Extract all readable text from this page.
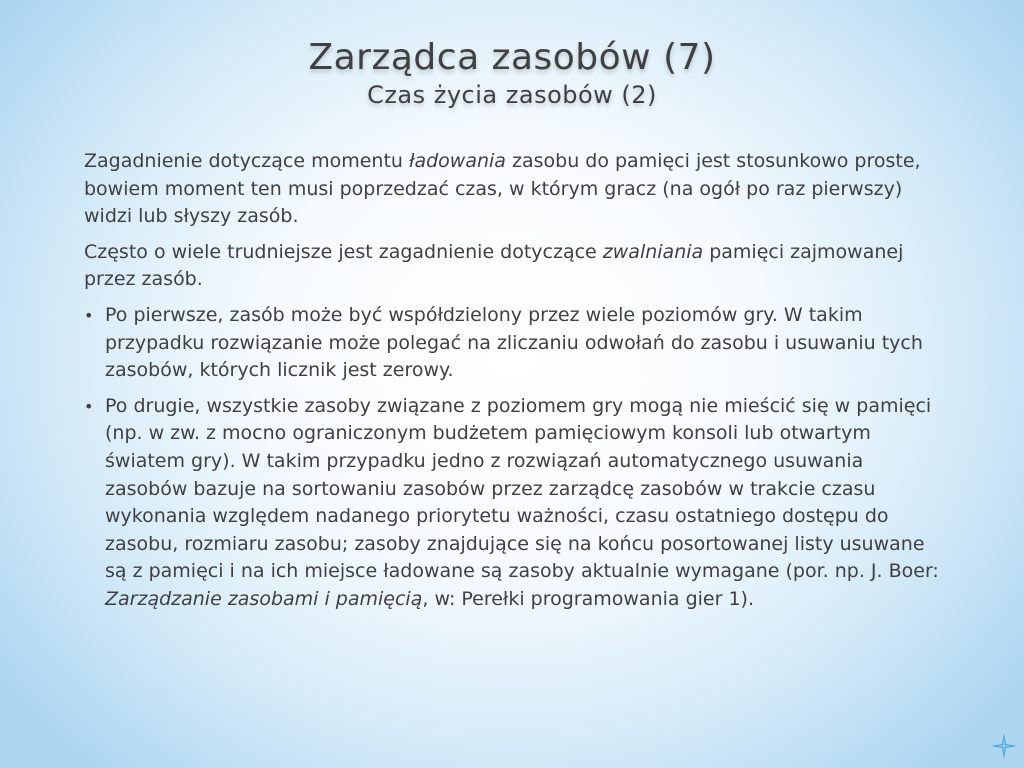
Zarządca zasobów (7)
Czas życia zasobów (2)

Zagadnienie dotyczące momentu ładowania zasobu do pamięci jest stosunkowo proste, bowiem moment ten musi poprzedzać czas, w którym gracz (na ogół po raz pierwszy) widzi lub słyszy zasób.

Często o wiele trudniejsze jest zagadnienie dotyczące zwalniania pamięci zajmowanej przez zasób.

• Po pierwsze, zasób może być współdzielony przez wiele poziomów gry. W takim przypadku rozwiązanie może polegać na zliczaniu odwołań do zasobu i usuwaniu tych zasobów, których licznik jest zerowy.
• Po drugie, wszystkie zasoby związane z poziomem gry mogą nie mieścić się w pamięci (np. w zw. z mocno ograniczonym budżetem pamięciowym konsoli lub otwartym światem gry). W takim przypadku jedno z rozwiązań automatycznego usuwania zasobów bazuje na sortowaniu zasobów przez zarządcę zasobów w trakcie czasu wykonania względem nadanego priorytetu ważności, czasu ostatniego dostępu do zasobu, rozmiaru zasobu; zasoby znajdujące się na końcu posortowanej listy usuwane są z pamięci i na ich miejsce ładowane są zasoby aktualnie wymagane (por. np. J. Boer: Zarządzanie zasobami i pamięcią, w: Perełki programowania gier 1).
